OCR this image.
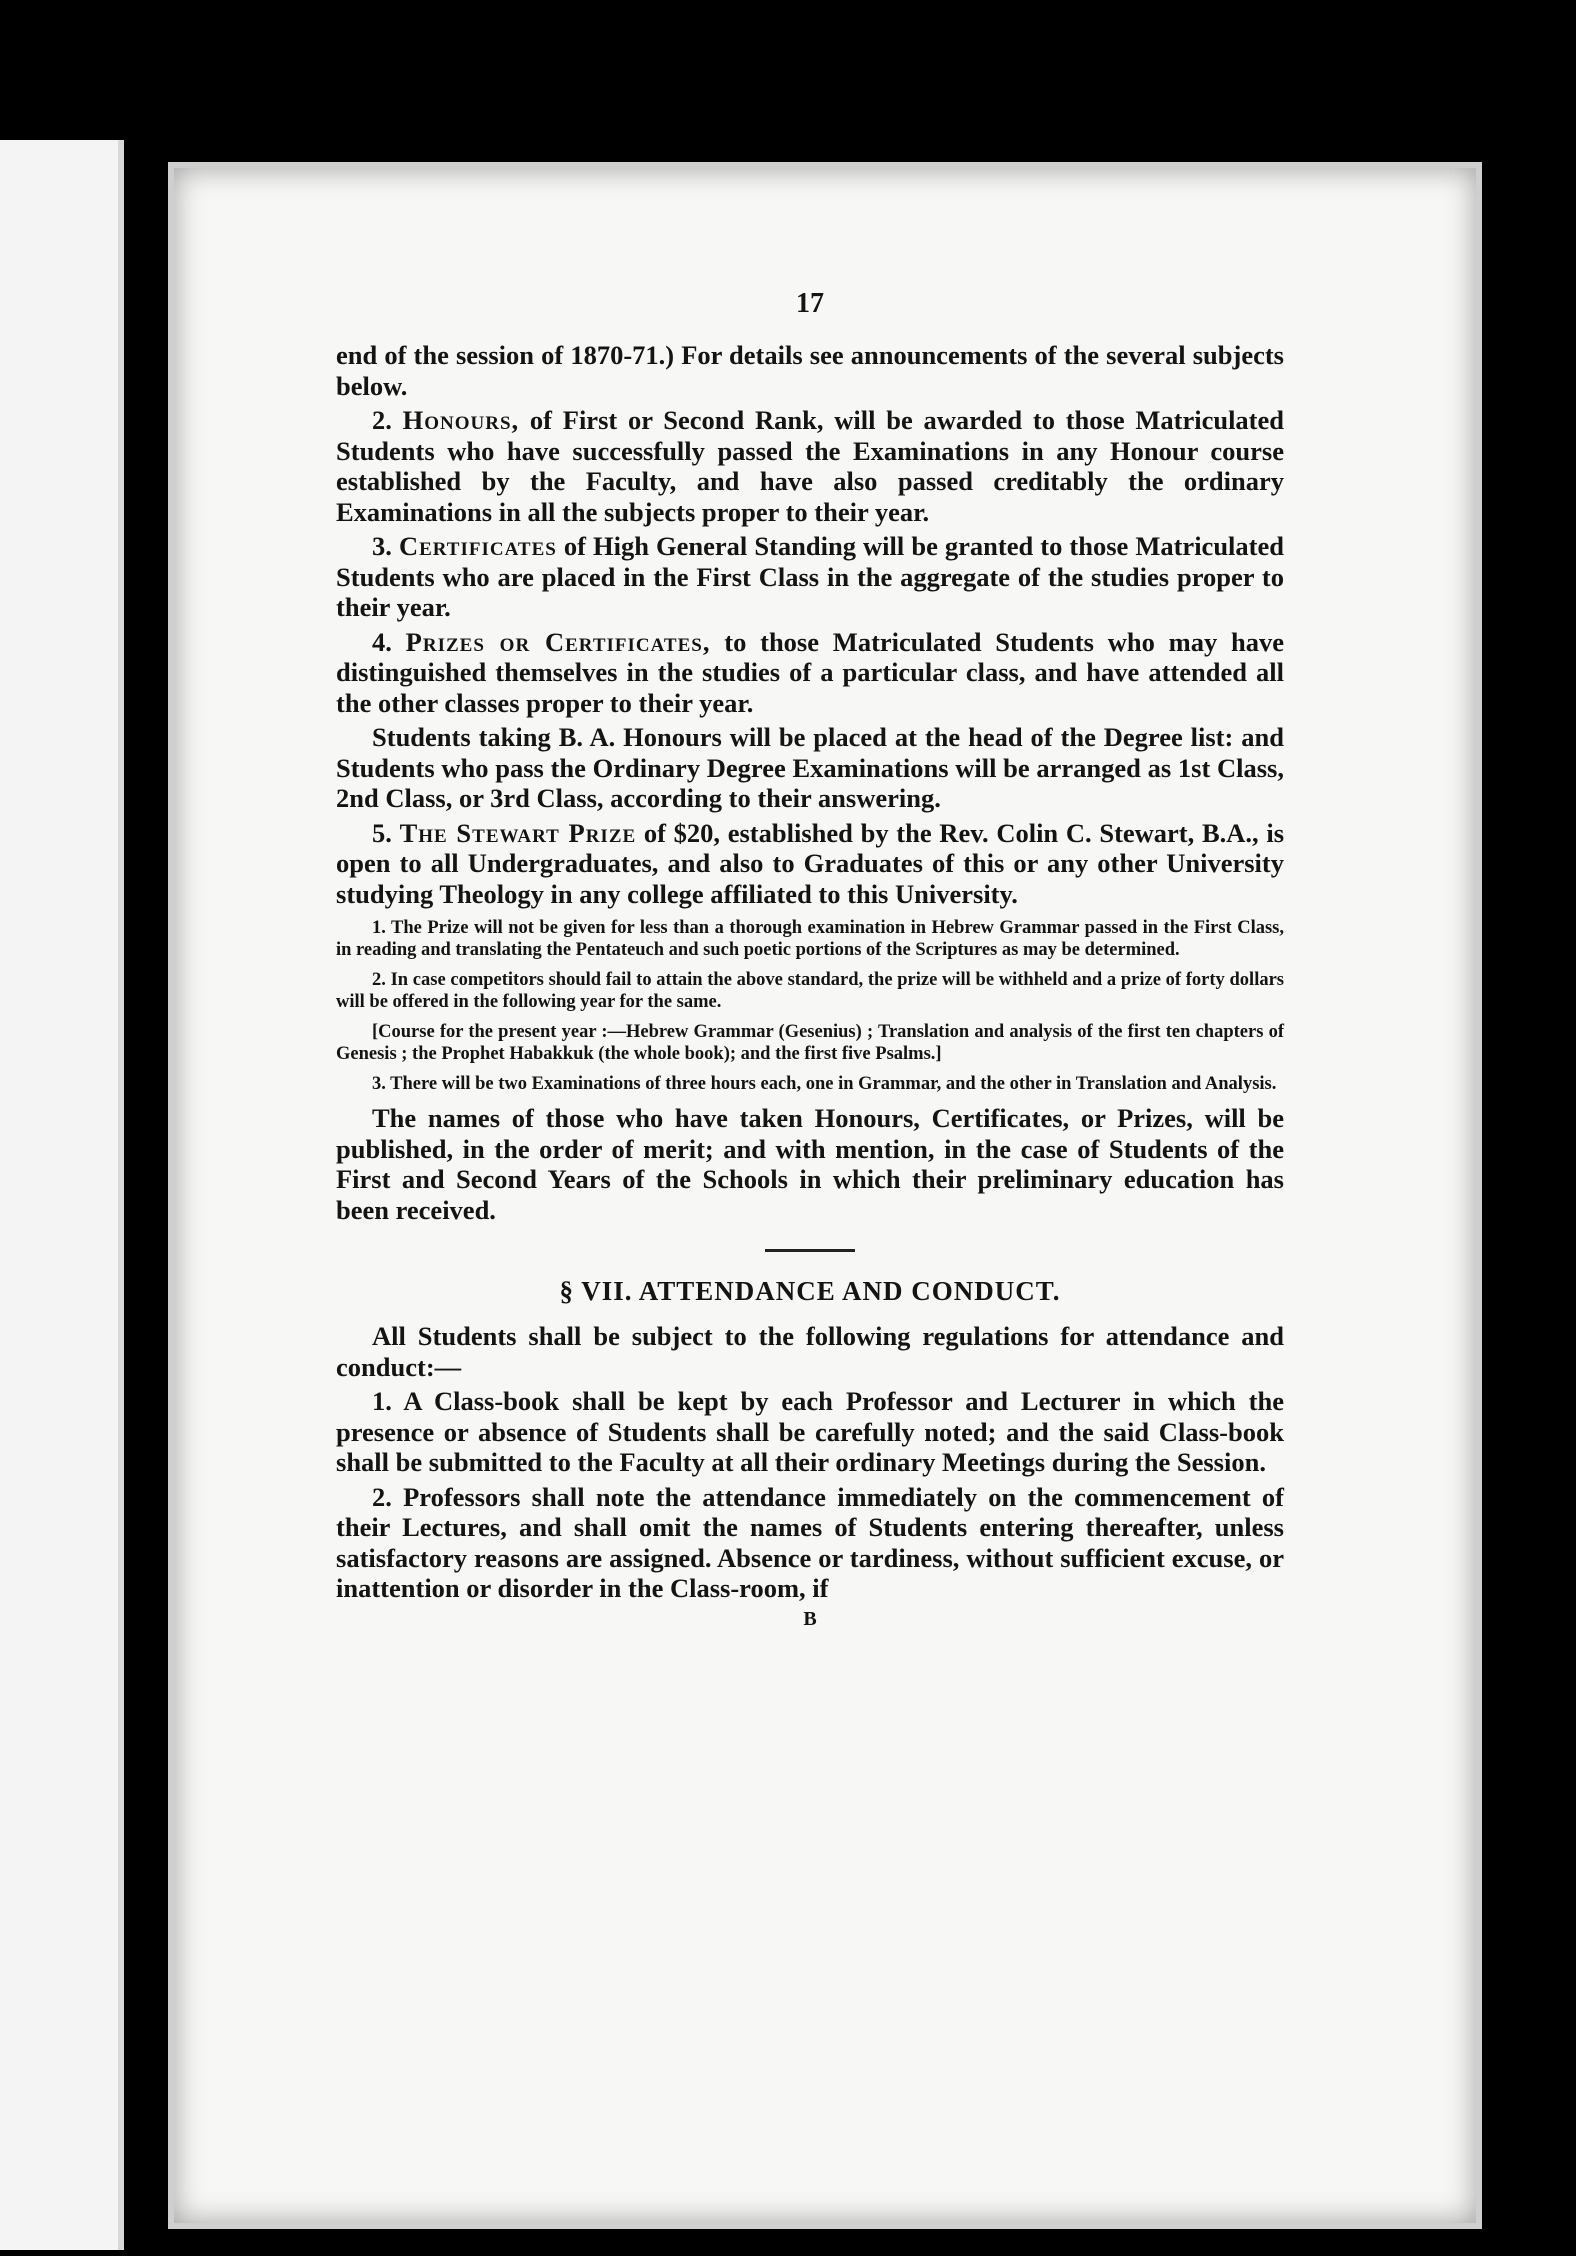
17

end of the session of 1870-71.) For details see announcements of the several subjects below.

2. Honours, of First or Second Rank, will be awarded to those Matriculated Students who have successfully passed the Examinations in any Honour course established by the Faculty, and have also passed creditably the ordinary Examinations in all the subjects proper to their year.

3. Certificates of High General Standing will be granted to those Matriculated Students who are placed in the First Class in the aggregate of the studies proper to their year.

4. Prizes or Certificates, to those Matriculated Students who may have distinguished themselves in the studies of a particular class, and have attended all the other classes proper to their year.

Students taking B. A. Honours will be placed at the head of the Degree list: and Students who pass the Ordinary Degree Examinations will be arranged as 1st Class, 2nd Class, or 3rd Class, according to their answering.

5. The Stewart Prize of $20, established by the Rev. Colin C. Stewart, B.A., is open to all Undergraduates, and also to Graduates of this or any other University studying Theology in any college affiliated to this University.

1. The Prize will not be given for less than a thorough examination in Hebrew Grammar passed in the First Class, in reading and translating the Pentateuch and such poetic portions of the Scriptures as may be determined.

2. In case competitors should fail to attain the above standard, the prize will be withheld and a prize of forty dollars will be offered in the following year for the same.

[Course for the present year :—Hebrew Grammar (Gesenius) ; Translation and analysis of the first ten chapters of Genesis ; the Prophet Habakkuk (the whole book); and the first five Psalms.]

3. There will be two Examinations of three hours each, one in Grammar, and the other in Translation and Analysis.

The names of those who have taken Honours, Certificates, or Prizes, will be published, in the order of merit; and with mention, in the case of Students of the First and Second Years of the Schools in which their preliminary education has been received.

§ VII. ATTENDANCE AND CONDUCT.

All Students shall be subject to the following regulations for attendance and conduct:—

1. A Class-book shall be kept by each Professor and Lecturer in which the presence or absence of Students shall be carefully noted; and the said Class-book shall be submitted to the Faculty at all their ordinary Meetings during the Session.

2. Professors shall note the attendance immediately on the commencement of their Lectures, and shall omit the names of Students entering thereafter, unless satisfactory reasons are assigned. Absence or tardiness, without sufficient excuse, or inattention or disorder in the Class-room, if

B
